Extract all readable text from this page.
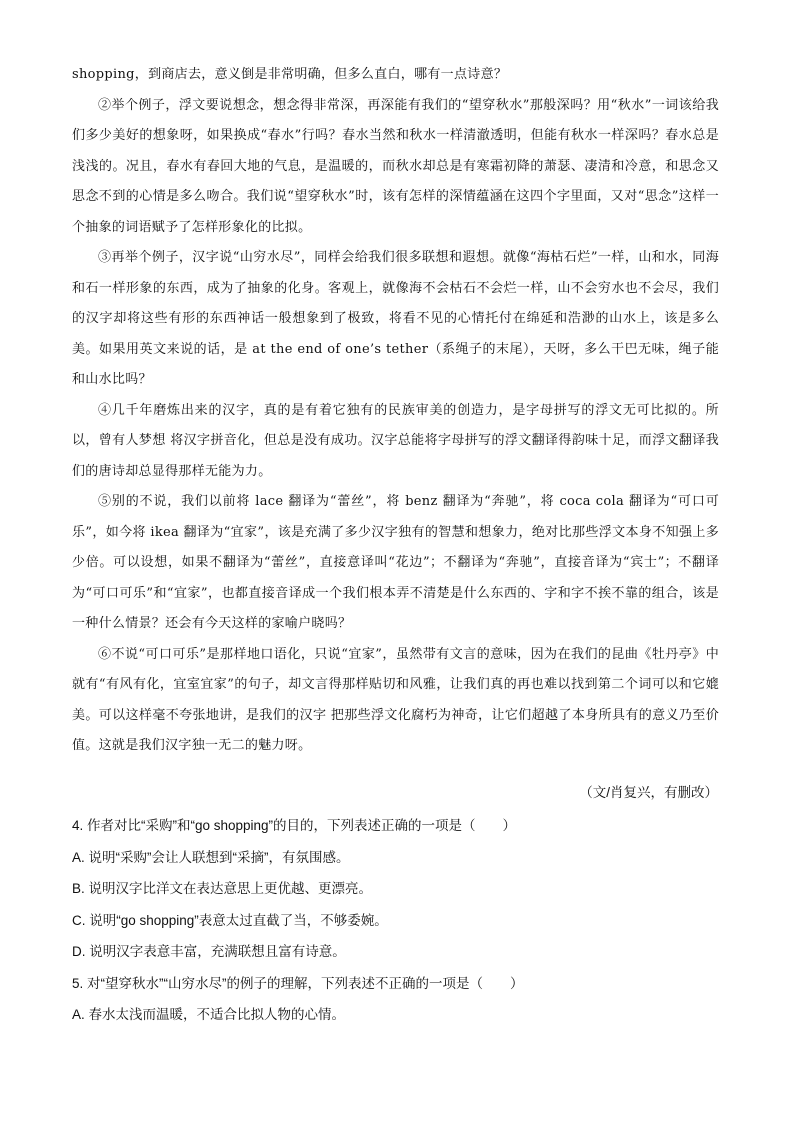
shopping，到商店去，意义倒是非常明确，但多么直白，哪有一点诗意？

②举个例子，浮文要说想念，想念得非常深，再深能有我们的“望穿秋水”那般深吗？用“秋水”一词该给我们多少美好的想象呀，如果换成“春水”行吗？春水当然和秋水一样清澈透明，但能有秋水一样深吗？春水总是浅浅的。况且，春水有春回大地的气息，是温暖的，而秋水却总是有寒霜初降的萧瑟、凄清和冷意，和思念又思念不到的心情是多么吻合。我们说“望穿秋水”时，该有怎样的深情蕴涵在这四个字里面，又对“思念”这样一个抽象的词语赋予了怎样形象化的比拟。

③再举个例子，汉字说“山穷水尽”，同样会给我们很多联想和遐想。就像“海枯石烂”一样，山和水，同海和石一样形象的东西，成为了抽象的化身。客观上，就像海不会枯石不会烂一样，山不会穷水也不会尽，我们的汉字却将这些有形的东西神话一般想象到了极致，将看不见的心情托付在绵延和浩渺的山水上，该是多么美。如果用英文来说的话，是 at the end of one’s tether（系绳子的末尾），天呀，多么干巴无味，绳子能和山水比吗？

④几千年磨炼出来的汉字，真的是有着它独有的民族审美的创造力，是字母拼写的浮文无可比拟的。所以，曾有人梦想 将汉字拼音化，但总是没有成功。汉字总能将字母拼写的浮文翻译得韵味十足，而浮文翻译我们的唐诗却总显得那样无能为力。

⑤别的不说，我们以前将 lace 翻译为“蕾丝”，将 benz 翻译为“奔驰”，将 coca cola 翻译为“可口可乐”，如今将 ikea 翻译为“宜家”，该是充满了多少汉字独有的智慧和想象力，绝对比那些浮文本身不知强上多少倍。可以设想，如果不翻译为“蕾丝”，直接意译叫“花边”；不翻译为“奔驰”，直接音译为“宾士”；不翻译为“可口可乐”和“宜家”，也都直接音译成一个我们根本弄不清楚是什么东西的、字和字不挨不靠的组合，该是一种什么情景？还会有今天这样的家喻户晓吗？

⑥不说“可口可乐”是那样地口语化，只说“宜家”，虽然带有文言的意味，因为在我们的昆曲《牡丹亭》中就有“有风有化，宜室宜家”的句子，却文言得那样贴切和风雅，让我们真的再也难以找到第二个词可以和它媲美。可以这样毫不夸张地讲，是我们的汉字 把那些浮文化腐朽为神奇，让它们超越了本身所具有的意义乃至价值。这就是我们汉字独一无二的魅力呀。

（文/肖复兴，有删改）

4. 作者对比“采购”和“go shopping”的目的，下列表述正确的一项是（　　）

A. 说明“采购”会让人联想到“采摘”，有氛围感。

B. 说明汉字比洋文在表达意思上更优越、更漂亮。

C. 说明“go shopping”表意太过直截了当，不够委婉。

D. 说明汉字表意丰富，充满联想且富有诗意。

5. 对“望穿秋水”“山穷水尽”的例子的理解，下列表述不正确的一项是（　　）

A. 春水太浅而温暖，不适合比拟人物的心情。
